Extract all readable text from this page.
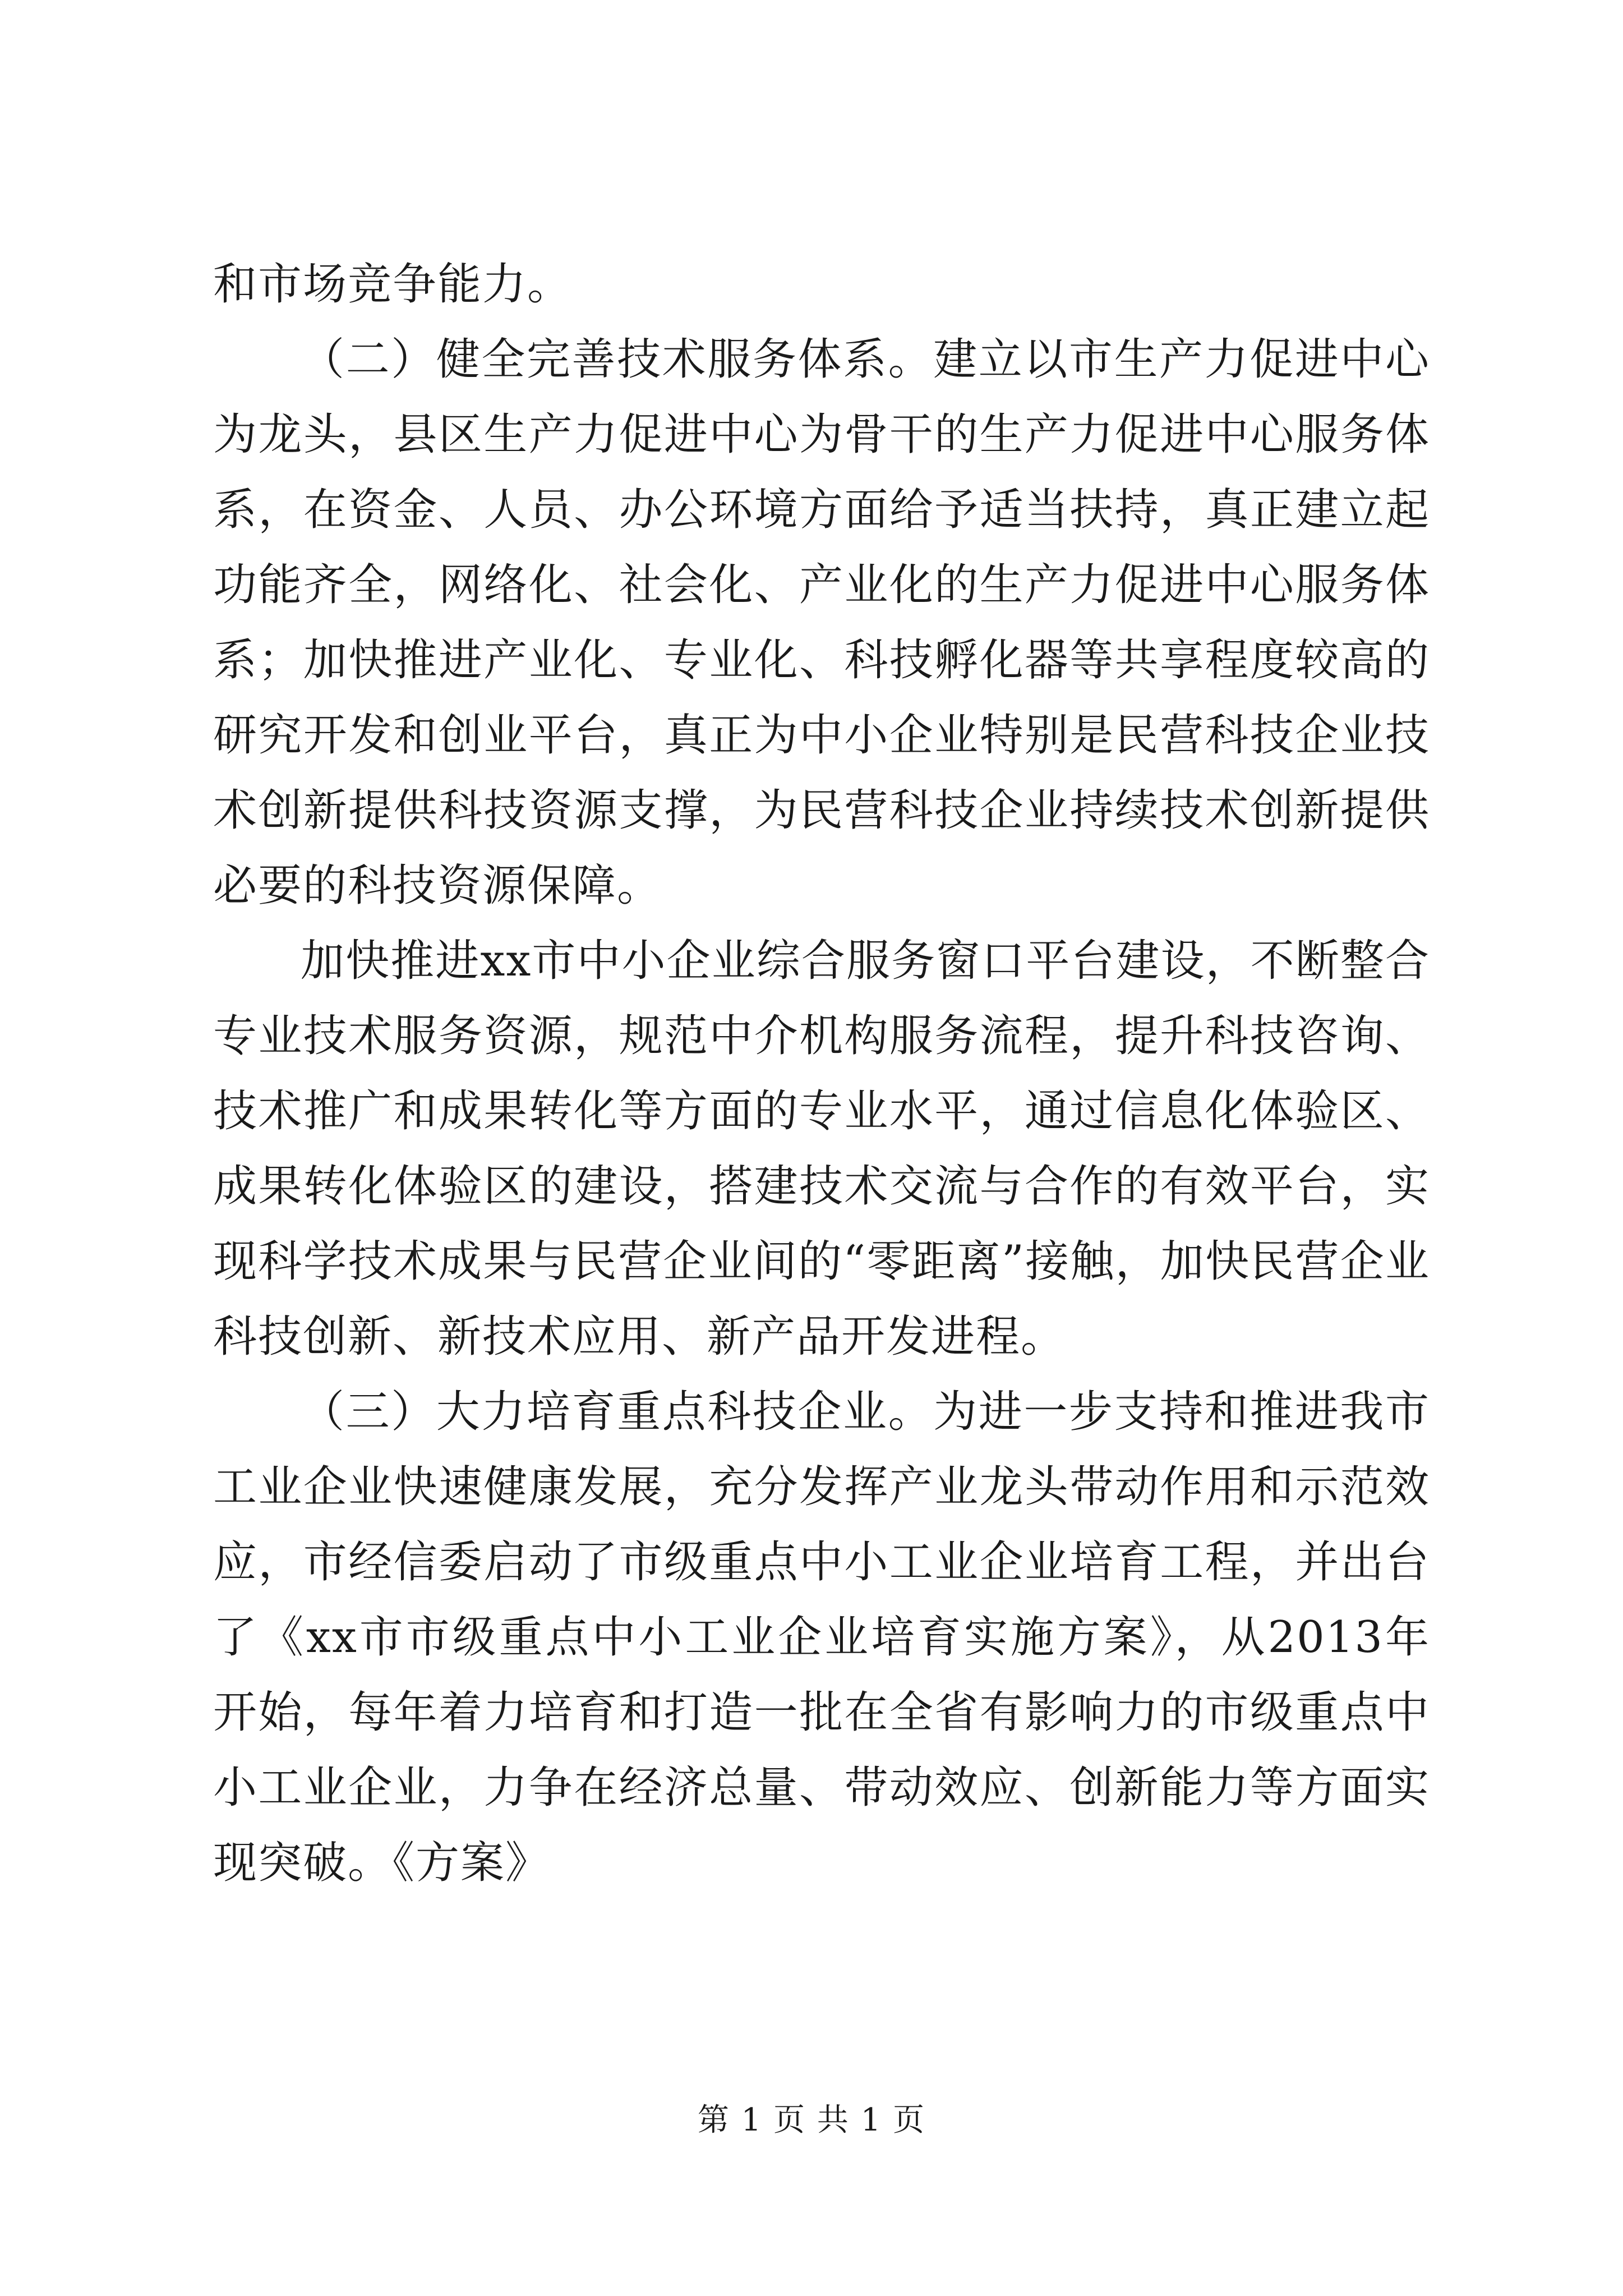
和市场竞争能力。

（二）健全完善技术服务体系。建立以市生产力促进中心为龙头，县区生产力促进中心为骨干的生产力促进中心服务体系，在资金、人员、办公环境方面给予适当扶持，真正建立起功能齐全，网络化、社会化、产业化的生产力促进中心服务体系；加快推进产业化、专业化、科技孵化器等共享程度较高的研究开发和创业平台，真正为中小企业特别是民营科技企业技术创新提供科技资源支撑，为民营科技企业持续技术创新提供必要的科技资源保障。

加快推进xx市中小企业综合服务窗口平台建设，不断整合专业技术服务资源，规范中介机构服务流程，提升科技咨询、技术推广和成果转化等方面的专业水平，通过信息化体验区、成果转化体验区的建设，搭建技术交流与合作的有效平台，实现科学技术成果与民营企业间的“零距离”接触，加快民营企业科技创新、新技术应用、新产品开发进程。

（三）大力培育重点科技企业。为进一步支持和推进我市工业企业快速健康发展，充分发挥产业龙头带动作用和示范效应，市经信委启动了市级重点中小工业企业培育工程，并出台了《xx市市级重点中小工业企业培育实施方案》，从2013年开始，每年着力培育和打造一批在全省有影响力的市级重点中小工业企业，力争在经济总量、带动效应、创新能力等方面实现突破。《方案》

第 1 页 共 1 页
